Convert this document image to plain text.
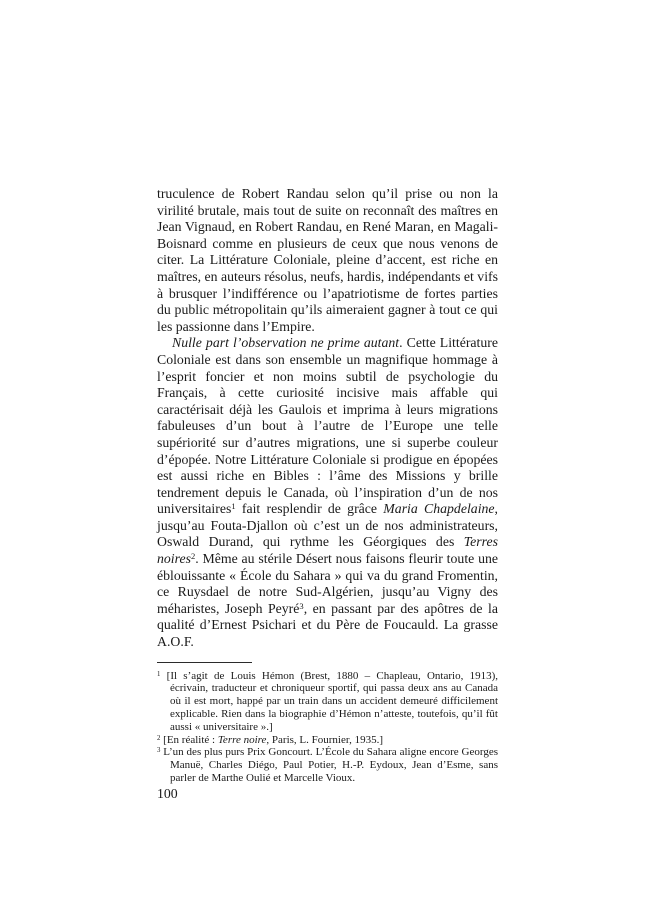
truculence de Robert Randau selon qu’il prise ou non la virilité brutale, mais tout de suite on reconnaît des maîtres en Jean Vignaud, en Robert Randau, en René Maran, en Magali-Boisnard comme en plusieurs de ceux que nous venons de citer. La Littérature Coloniale, pleine d’accent, est riche en maîtres, en auteurs résolus, neufs, hardis, indépendants et vifs à brusquer l’indifférence ou l’apatriotisme de fortes parties du public métropolitain qu’ils aimeraient gagner à tout ce qui les passionne dans l’Empire.

Nulle part l’observation ne prime autant. Cette Littérature Coloniale est dans son ensemble un magnifique hommage à l’esprit foncier et non moins subtil de psychologie du Français, à cette curiosité incisive mais affable qui caractérisait déjà les Gaulois et imprima à leurs migrations fabuleuses d’un bout à l’autre de l’Europe une telle supériorité sur d’autres migrations, une si superbe couleur d’épopée. Notre Littérature Coloniale si prodigue en épopées est aussi riche en Bibles : l’âme des Missions y brille tendrement depuis le Canada, où l’inspiration d’un de nos universitaires$^1$ fait resplendir de grâce Maria Chapdelaine, jusqu’au Fouta-Djallon où c’est un de nos administrateurs, Oswald Durand, qui rythme les Géorgiques des Terres noires$^2$. Même au stérile Désert nous faisons fleurir toute une éblouissante « École du Sahara » qui va du grand Fromentin, ce Ruysdael de notre Sud-Algérien, jusqu’au Vigny des méharistes, Joseph Peyré$^3$, en passant par des apôtres de la qualité d’Ernest Psichari et du Père de Foucauld. La grasse A.O.F.

$^1$ [Il s’agit de Louis Hémon (Brest, 1880 – Chapleau, Ontario, 1913), écrivain, traducteur et chroniqueur sportif, qui passa deux ans au Canada où il est mort, happé par un train dans un accident demeuré difficilement explicable. Rien dans la biographie d’Hémon n’atteste, toutefois, qu’il fût aussi « universitaire ».]

$^2$ [En réalité : Terre noire, Paris, L. Fournier, 1935.]

$^3$ L’un des plus purs Prix Goncourt. L’École du Sahara aligne encore Georges Manuë, Charles Diégo, Paul Potier, H.-P. Eydoux, Jean d’Esme, sans parler de Marthe Oulié et Marcelle Vioux.

100
